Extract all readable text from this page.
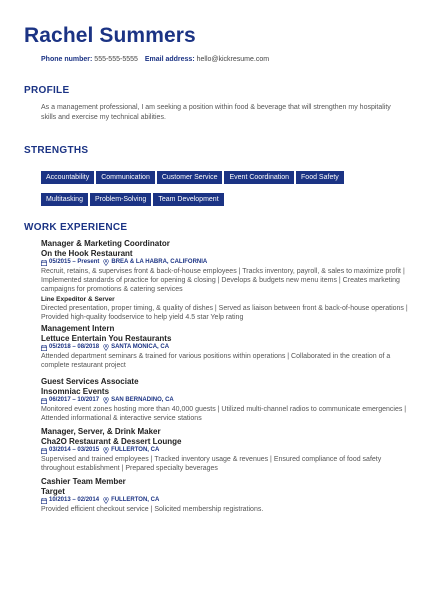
Rachel Summers
Phone number: 555-555-5555 Email address: hello@kickresume.com
PROFILE
As a management professional, I am seeking a position within food & beverage that will strengthen my hospitality skills and exercise my technical abilities.
STRENGTHS
Accountability Communication Customer Service Event Coordination Food Safety
Multitasking Problem-Solving Team Development
WORK EXPERIENCE
Manager & Marketing Coordinator
On the Hook Restaurant
05/2015 – Present BREA & LA HABRA, CALIFORNIA
Recruit, retains, & supervises front & back-of-house employees | Tracks inventory, payroll, & sales to maximize profit | Implemented standards of practice for opening & closing | Develops & budgets new menu items | Creates marketing campaigns for promotions & catering services
Line Expeditor & Server
Directed presentation, proper timing, & quality of dishes | Served as liaison between front & back-of-house operations | Provided high-quality foodservice to help yield 4.5 star Yelp rating
Management Intern
Lettuce Entertain You Restaurants
05/2018 – 08/2018 SANTA MONICA, CA
Attended department seminars & trained for various positions within operations | Collaborated in the creation of a complete restaurant project
Guest Services Associate
Insomniac Events
06/2017 – 10/2017 SAN BERNADINO, CA
Monitored event zones hosting more than 40,000 guests | Utilized multi-channel radios to communicate emergencies | Attended informational & interactive service stations
Manager, Server, & Drink Maker
Cha2O Restaurant & Dessert Lounge
03/2014 – 03/2015 FULLERTON, CA
Supervised and trained employees | Tracked inventory usage & revenues | Ensured compliance of food safety throughout establishment | Prepared specialty beverages
Cashier Team Member
Target
10/2013 – 02/2014 FULLERTON, CA
Provided efficient checkout service | Solicited membership registrations.
